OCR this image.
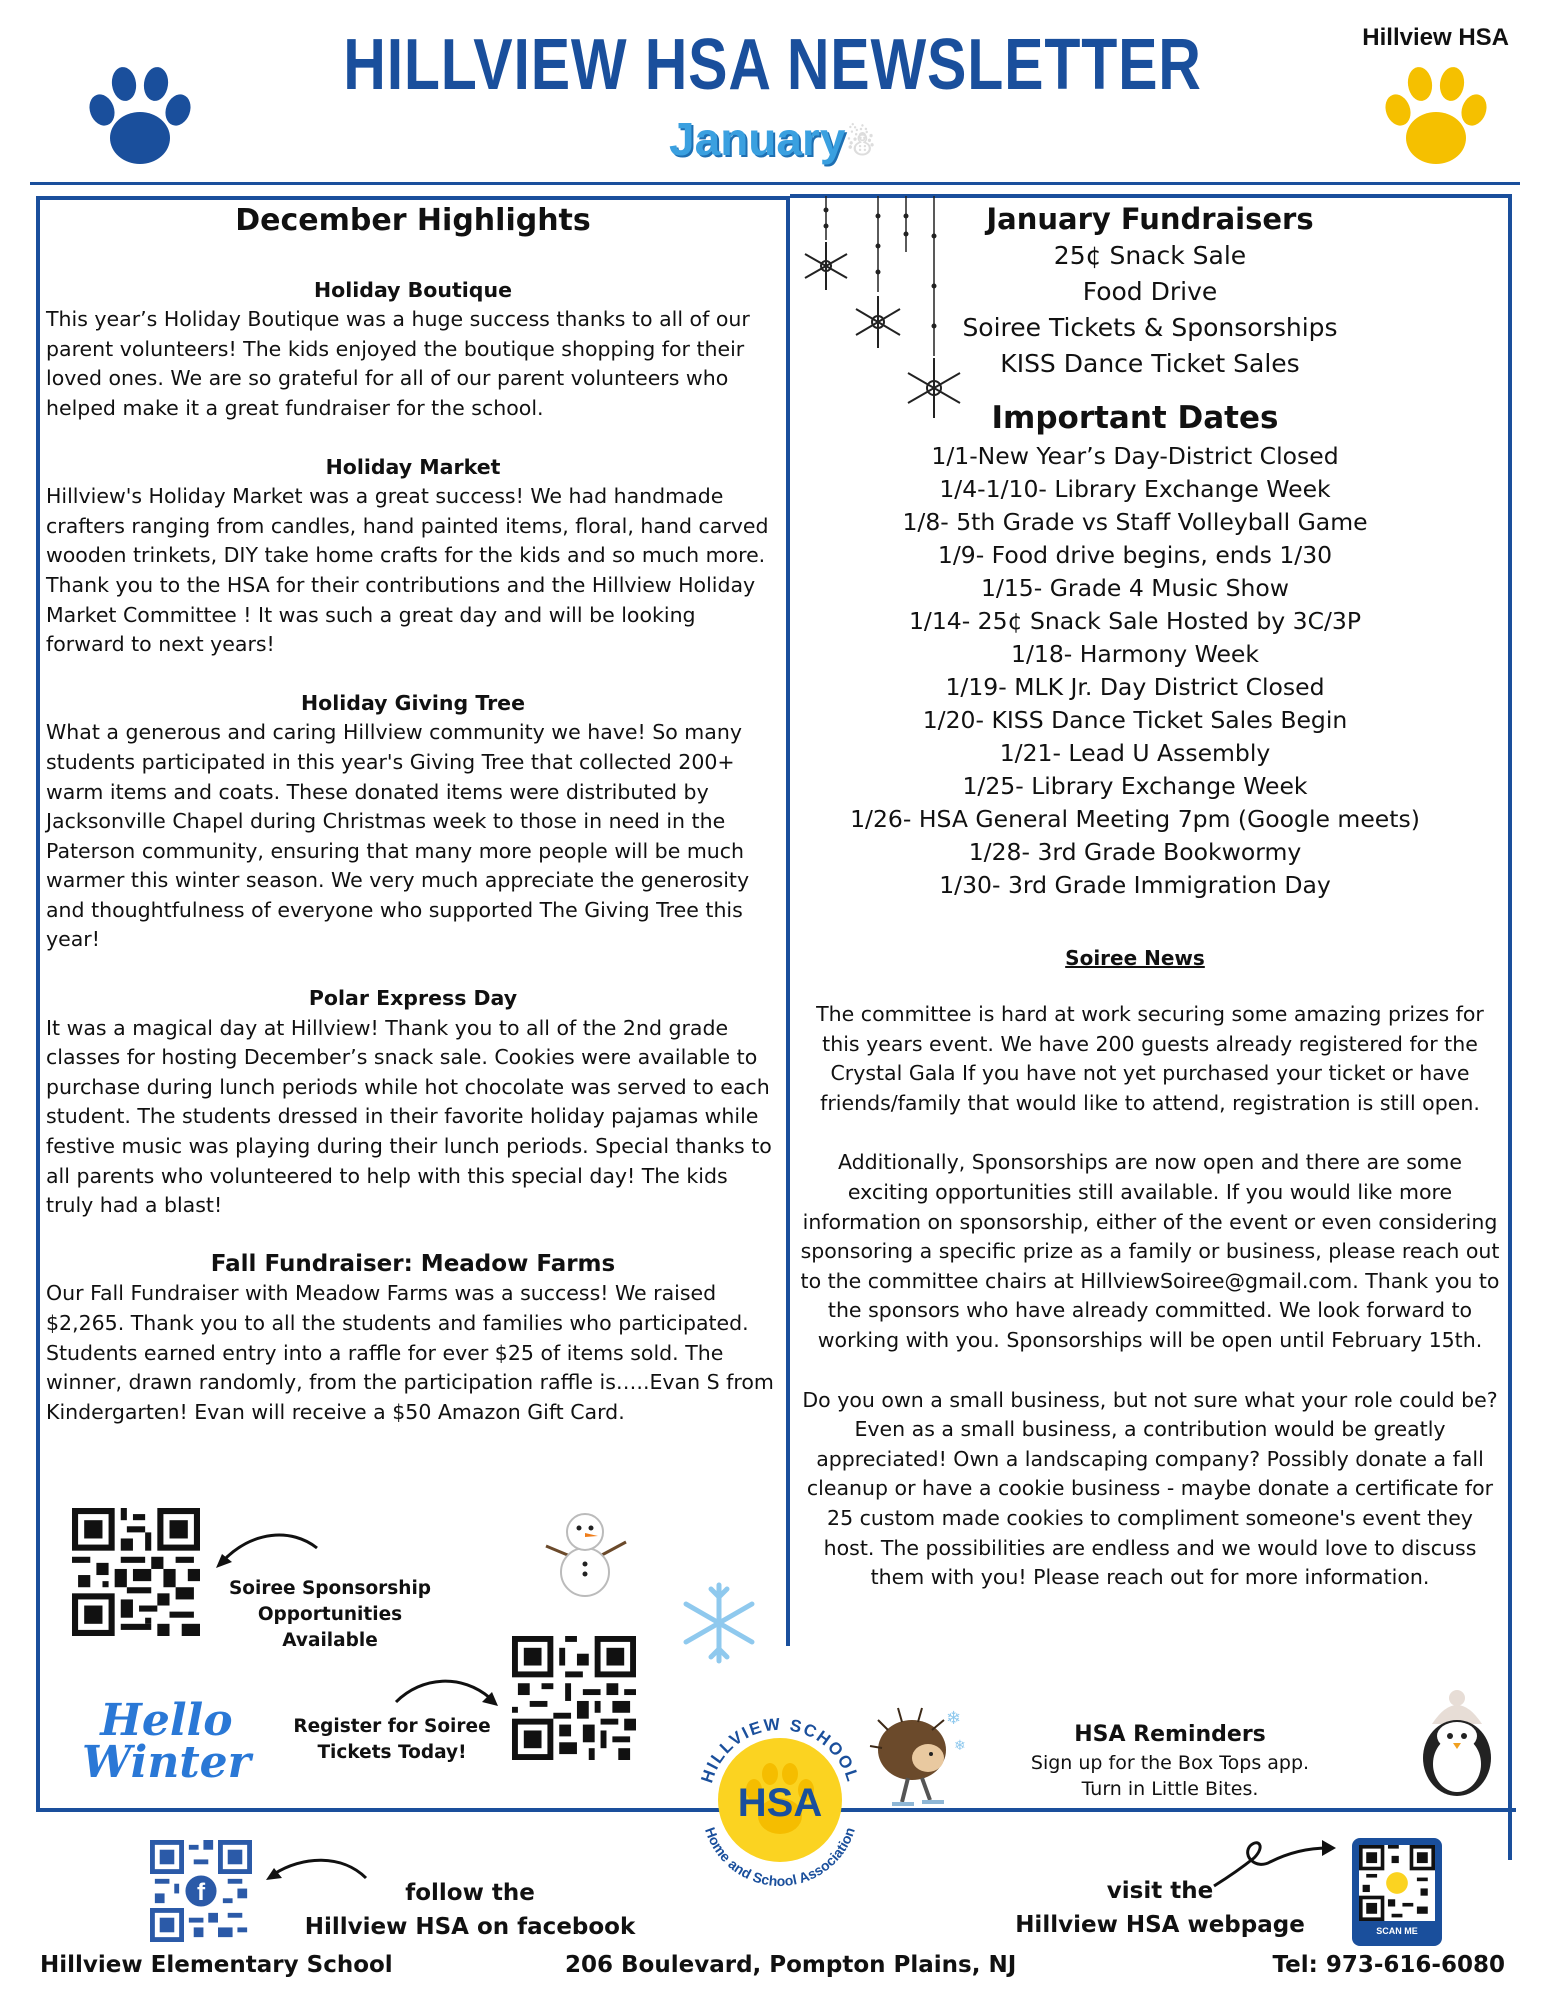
HILLVIEW HSA NEWSLETTER	Hillview HSA
January☃
December Highlights
Holiday Boutique
This year’s Holiday Boutique was a huge success thanks to all of our parent volunteers! The kids enjoyed the boutique shopping for their loved ones. We are so grateful for all of our parent volunteers who helped make it a great fundraiser for the school.
Holiday Market
Hillview's Holiday Market was a great success! We had handmade crafters ranging from candles, hand painted items, floral, hand carved wooden trinkets, DIY take home crafts for the kids and so much more. Thank you to the HSA for their contributions and the Hillview Holiday Market Committee ! It was such a great day and will be looking forward to next years!
Holiday Giving Tree
What a generous and caring Hillview community we have! So many students participated in this year's Giving Tree that collected 200+ warm items and coats. These donated items were distributed by Jacksonville Chapel during Christmas week to those in need in the Paterson community, ensuring that many more people will be much warmer this winter season. We very much appreciate the generosity and thoughtfulness of everyone who supported The Giving Tree this year!
Polar Express Day
It was a magical day at Hillview! Thank you to all of the 2nd grade classes for hosting December’s snack sale. Cookies were available to purchase during lunch periods while hot chocolate was served to each student. The students dressed in their favorite holiday pajamas while festive music was playing during their lunch periods. Special thanks to all parents who volunteered to help with this special day! The kids truly had a blast!
Fall Fundraiser: Meadow Farms
Our Fall Fundraiser with Meadow Farms was a success! We raised $2,265. Thank you to all the students and families who participated. Students earned entry into a raffle for ever $25 of items sold. The winner, drawn randomly, from the participation raffle is…..Evan S from Kindergarten! Evan will receive a $50 Amazon Gift Card.
Soiree Sponsorship Opportunities Available
Register for Soiree Tickets Today!
Hello
Winter
January Fundraisers
25¢ Snack Sale
Food Drive
Soiree Tickets & Sponsorships
KISS Dance Ticket Sales
Important Dates
1/1-New Year’s Day-District Closed
1/4-1/10- Library Exchange Week
1/8- 5th Grade vs Staff Volleyball Game
1/9- Food drive begins, ends 1/30
1/15- Grade 4 Music Show
1/14- 25¢ Snack Sale Hosted by 3C/3P
1/18- Harmony Week
1/19- MLK Jr. Day District Closed
1/20- KISS Dance Ticket Sales Begin
1/21- Lead U Assembly
1/25- Library Exchange Week
1/26- HSA General Meeting 7pm (Google meets)
1/28- 3rd Grade Bookwormy
1/30- 3rd Grade Immigration Day
Soiree News

The committee is hard at work securing some amazing prizes for this years event. We have 200 guests already registered for the Crystal Gala If you have not yet purchased your ticket or have friends/family that would like to attend, registration is still open.

Additionally, Sponsorships are now open and there are some exciting opportunities still available. If you would like more information on sponsorship, either of the event or even considering sponsoring a specific prize as a family or business, please reach out to the committee chairs at HillviewSoiree@gmail.com. Thank you to the sponsors who have already committed. We look forward to working with you. Sponsorships will be open until February 15th.

Do you own a small business, but not sure what your role could be? Even as a small business, a contribution would be greatly appreciated! Own a landscaping company? Possibly donate a fall cleanup or have a cookie business - maybe donate a certificate for 25 custom made cookies to compliment someone's event they host. The possibilities are endless and we would love to discuss them with you! Please reach out for more information.

HSA Reminders
Sign up for the Box Tops app.
Turn in Little Bites.
❄
❄
HSA
HILLVIEW SCHOOL
Home and School Association
f	follow the
Hillview HSA on facebook
visit the
Hillview HSA webpage	SCAN ME
Hillview Elementary School	206 Boulevard, Pompton Plains, NJ	Tel: 973-616-6080
